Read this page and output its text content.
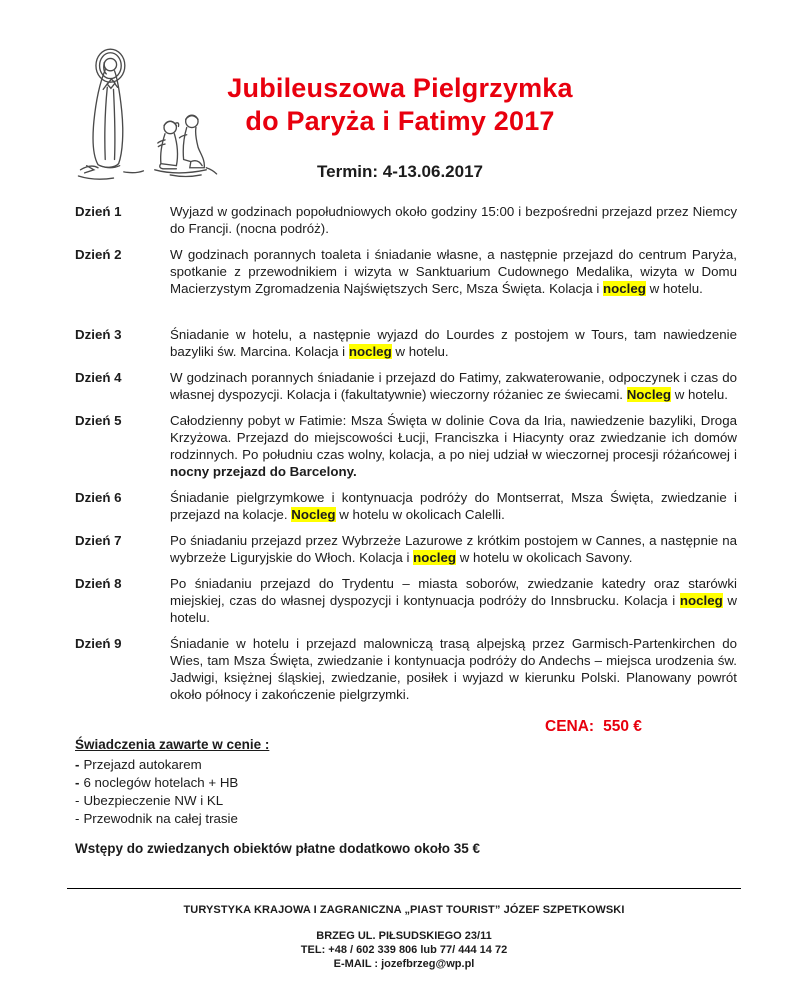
Jubileuszowa Pielgrzymka
do Paryża i Fatimy 2017
Termin: 4-13.06.2017
Dzień 1	Wyjazd w godzinach popołudniowych około godziny 15:00 i bezpośredni przejazd przez Niemcy do Francji. (nocna podróż).
Dzień 2	W godzinach porannych toaleta i śniadanie własne, a następnie przejazd do centrum Paryża, spotkanie z przewodnikiem i wizyta w Sanktuarium Cudownego Medalika, wizyta w Domu Macierzystym Zgromadzenia Najświętszych Serc, Msza Święta. Kolacja i nocleg w hotelu.
Dzień 3	Śniadanie w hotelu, a następnie wyjazd do Lourdes z postojem w Tours, tam nawiedzenie bazyliki św. Marcina. Kolacja i nocleg w hotelu.
Dzień 4	W godzinach porannych śniadanie i przejazd do Fatimy, zakwaterowanie, odpoczynek i czas do własnej dyspozycji. Kolacja i (fakultatywnie) wieczorny różaniec ze świecami. Nocleg w hotelu.
Dzień 5	Całodzienny pobyt w Fatimie: Msza Święta w dolinie Cova da Iria, nawiedzenie bazyliki, Droga Krzyżowa. Przejazd do miejscowości Łucji, Franciszka i Hiacynty oraz zwiedzanie ich domów rodzinnych. Po południu czas wolny, kolacja, a po niej udział w wieczornej procesji różańcowej i nocny przejazd do Barcelony.
Dzień 6	Śniadanie pielgrzymkowe i kontynuacja podróży do Montserrat, Msza Święta, zwiedzanie i przejazd na kolacje. Nocleg w hotelu w okolicach Calelli.
Dzień 7	Po śniadaniu przejazd przez Wybrzeże Lazurowe z krótkim postojem w Cannes, a następnie na wybrzeże Liguryjskie do Włoch. Kolacja i nocleg w hotelu w okolicach Savony.
Dzień 8	Po śniadaniu przejazd do Trydentu – miasta soborów, zwiedzanie katedry oraz starówki miejskiej, czas do własnej dyspozycji i kontynuacja podróży do Innsbrucku. Kolacja i nocleg w hotelu.
Dzień 9	Śniadanie w hotelu i przejazd malowniczą trasą alpejską przez Garmisch-Partenkirchen do Wies, tam Msza Święta, zwiedzanie i kontynuacja podróży do Andechs – miejsca urodzenia św. Jadwigi, księżnej śląskiej, zwiedzanie, posiłek i wyjazd w kierunku Polski. Planowany powrót około północy i zakończenie pielgrzymki.
CENA: 550 €
Świadczenia zawarte w cenie :
- Przejazd autokarem
- 6 noclegów hotelach + HB
- Ubezpieczenie NW i KL
- Przewodnik na całej trasie
Wstępy do zwiedzanych obiektów płatne dodatkowo około 35 €
TURYSTYKA KRAJOWA I ZAGRANICZNA „PIAST TOURIST” JÓZEF SZPETKOWSKI
BRZEG UL. PIŁSUDSKIEGO 23/11
TEL: +48 / 602 339 806 lub 77/ 444 14 72
E-MAIL : jozefbrzeg@wp.pl
